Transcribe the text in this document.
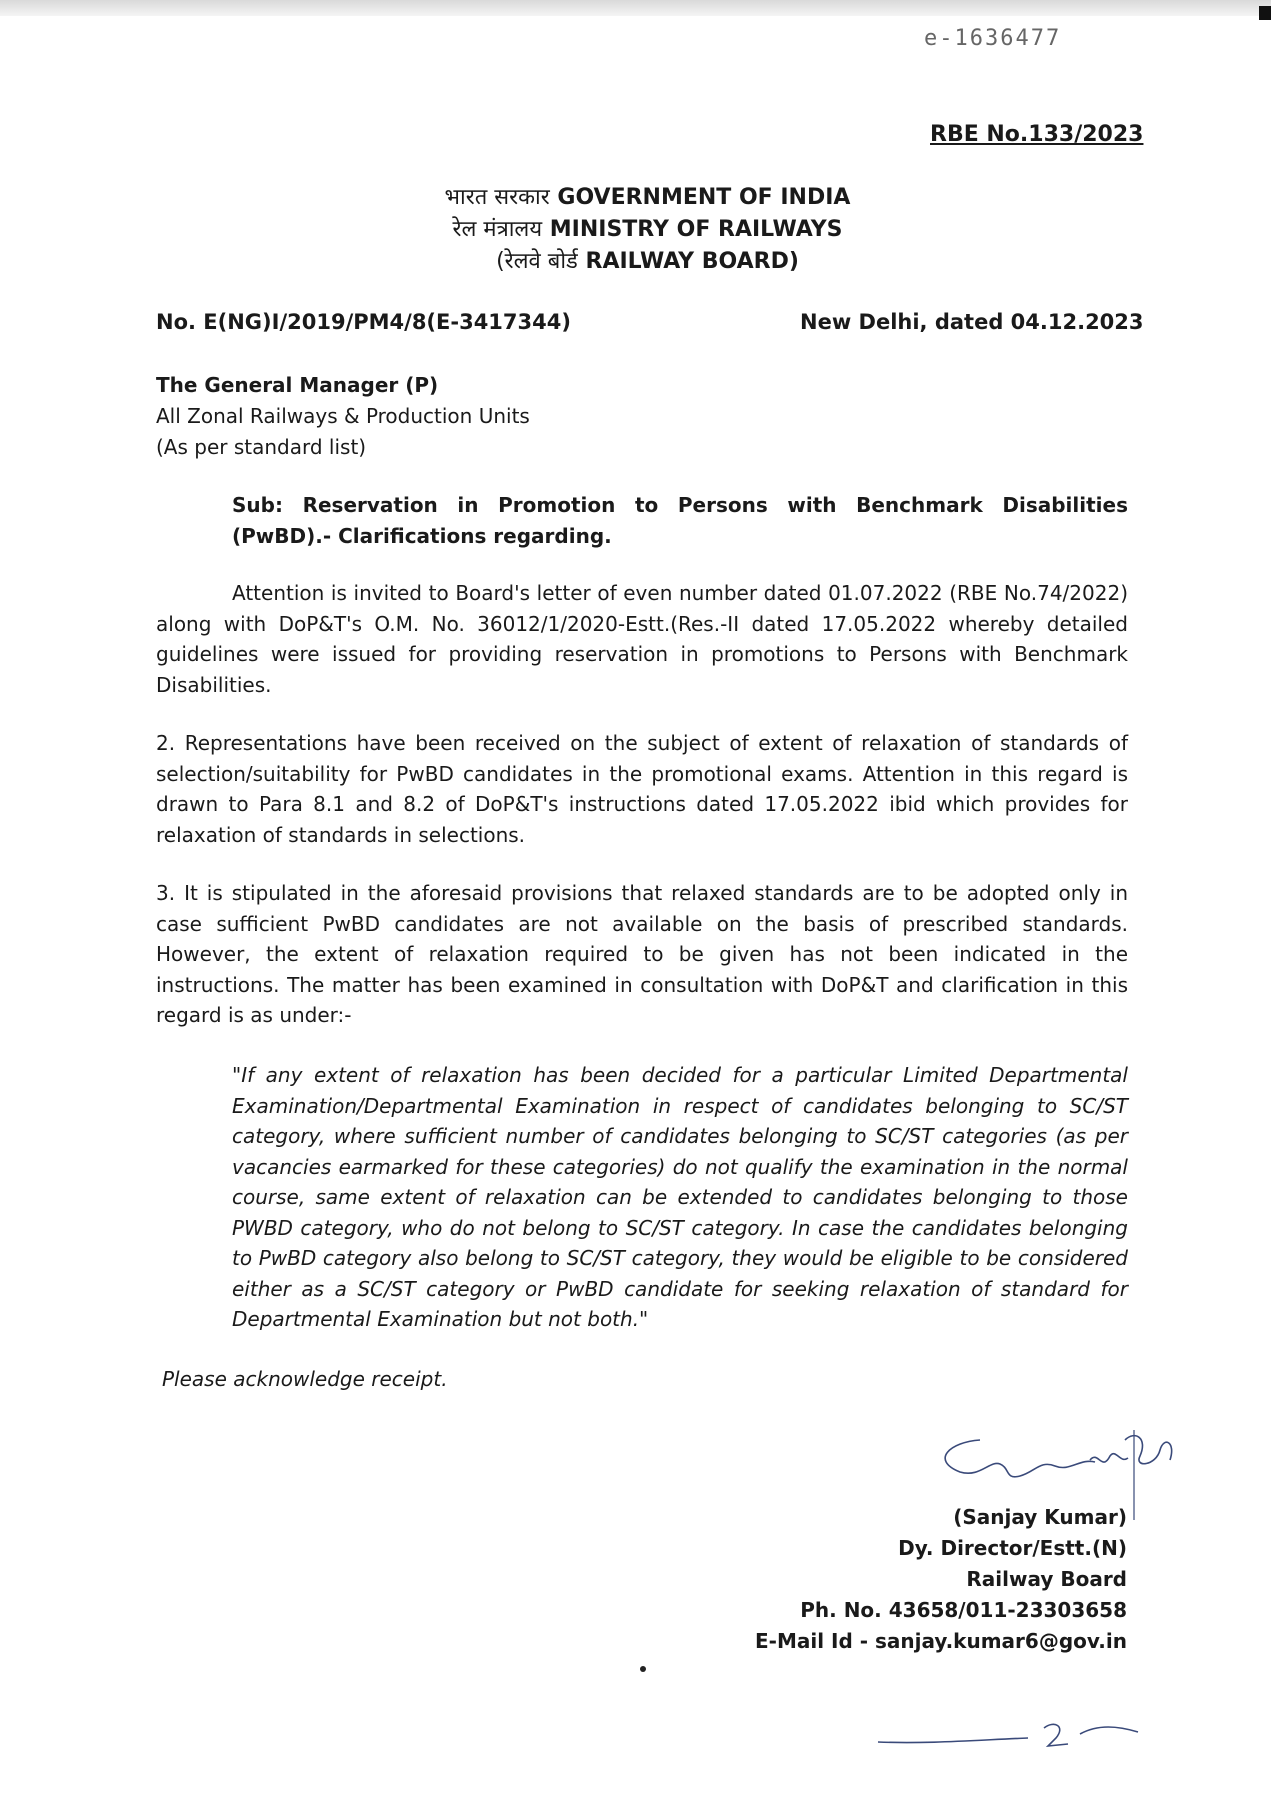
e-1636477
RBE No.133/2023
भारत सरकार GOVERNMENT OF INDIA
रेल मंत्रालय MINISTRY OF RAILWAYS
(रेलवे बोर्ड RAILWAY BOARD)
No. E(NG)I/2019/PM4/8(E-3417344)	New Delhi, dated 04.12.2023
The General Manager (P)
All Zonal Railways & Production Units
(As per standard list)
Sub: Reservation in Promotion to Persons with Benchmark Disabilities (PwBD).- Clarifications regarding.
Attention is invited to Board's letter of even number dated 01.07.2022 (RBE No.74/2022) along with DoP&T's O.M. No. 36012/1/2020-Estt.(Res.-II dated 17.05.2022 whereby detailed guidelines were issued for providing reservation in promotions to Persons with Benchmark Disabilities.
2. Representations have been received on the subject of extent of relaxation of standards of selection/suitability for PwBD candidates in the promotional exams. Attention in this regard is drawn to Para 8.1 and 8.2 of DoP&T's instructions dated 17.05.2022 ibid which provides for relaxation of standards in selections.
3. It is stipulated in the aforesaid provisions that relaxed standards are to be adopted only in case sufficient PwBD candidates are not available on the basis of prescribed standards. However, the extent of relaxation required to be given has not been indicated in the instructions. The matter has been examined in consultation with DoP&T and clarification in this regard is as under:-
"If any extent of relaxation has been decided for a particular Limited Departmental Examination/Departmental Examination in respect of candidates belonging to SC/ST category, where sufficient number of candidates belonging to SC/ST categories (as per vacancies earmarked for these categories) do not qualify the examination in the normal course, same extent of relaxation can be extended to candidates belonging to those PWBD category, who do not belong to SC/ST category. In case the candidates belonging to PwBD category also belong to SC/ST category, they would be eligible to be considered either as a SC/ST category or PwBD candidate for seeking relaxation of standard for Departmental Examination but not both."
Please acknowledge receipt.
(Sanjay Kumar)
Dy. Director/Estt.(N)
Railway Board
Ph. No. 43658/011-23303658
E-Mail Id - sanjay.kumar6@gov.in
